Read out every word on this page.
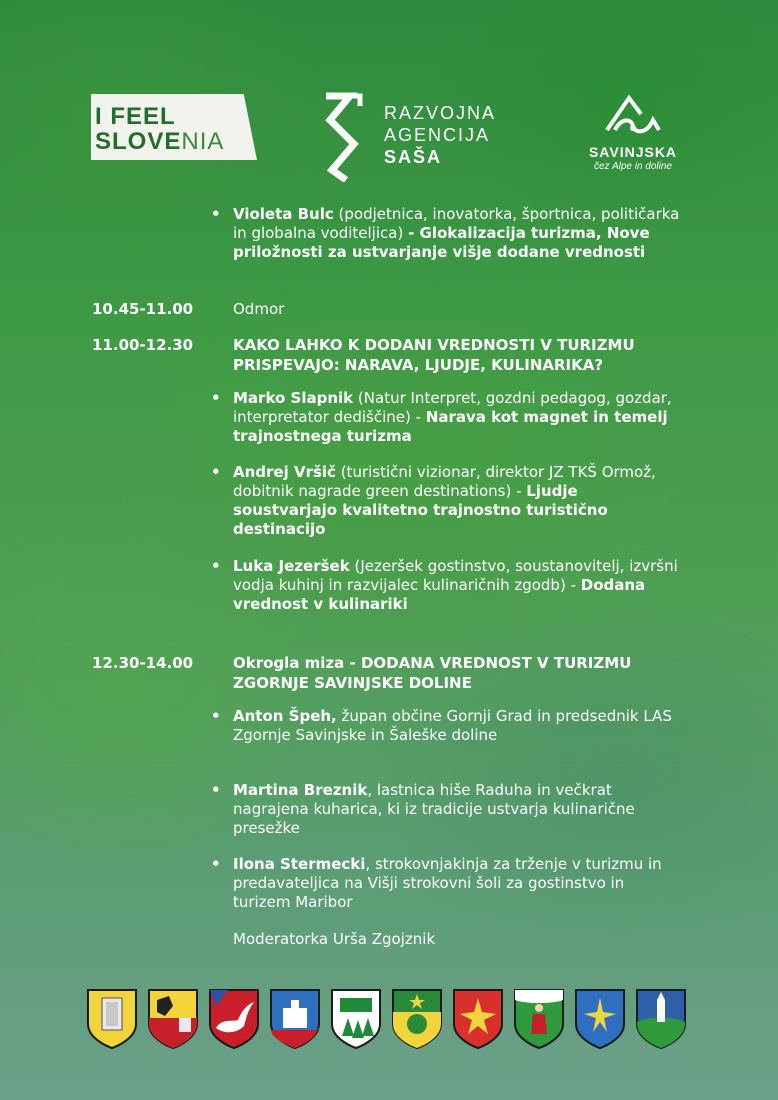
I FEEL
SLOVENIA
RAZVOJNA
AGENCIJA
SAŠA	SAVINJSKA
čez Alpe in doline
• Violeta Bulc (podjetnica, inovatorka, športnica, političarka in globalna voditeljica) - Glokalizacija turizma, Nove priložnosti za ustvarjanje višje dodane vrednosti
10.45-11.00	Odmor
11.00-12.30	KAKO LAHKO K DODANI VREDNOSTI V TURIZMU PRISPEVAJO: NARAVA, LJUDJE, KULINARIKA?
• Marko Slapnik (Natur Interpret, gozdni pedagog, gozdar, interpretator dediščine) - Narava kot magnet in temelj trajnostnega turizma
• Andrej Vršič (turistični vizionar, direktor JZ TKŠ Ormož, dobitnik nagrade green destinations) - Ljudje soustvarjajo kvalitetno trajnostno turistično destinacijo
• Luka Jezeršek (Jezeršek gostinstvo, soustanovitelj, izvršni vodja kuhinj in razvijalec kulinaričnih zgodb) - Dodana vrednost v kulinariki
12.30-14.00	Okrogla miza - DODANA VREDNOST V TURIZMU ZGORNJE SAVINJSKE DOLINE
• Anton Špeh, župan občine Gornji Grad in predsednik LAS Zgornje Savinjske in Šaleške doline
• Martina Breznik, lastnica hiše Raduha in večkrat nagrajena kuharica, ki iz tradicije ustvarja kulinarične presežke
• Ilona Stermecki, strokovnjakinja za trženje v turizmu in predavateljica na Višji strokovni šoli za gostinstvo in turizem Maribor
Moderatorka Urša Zgojznik
